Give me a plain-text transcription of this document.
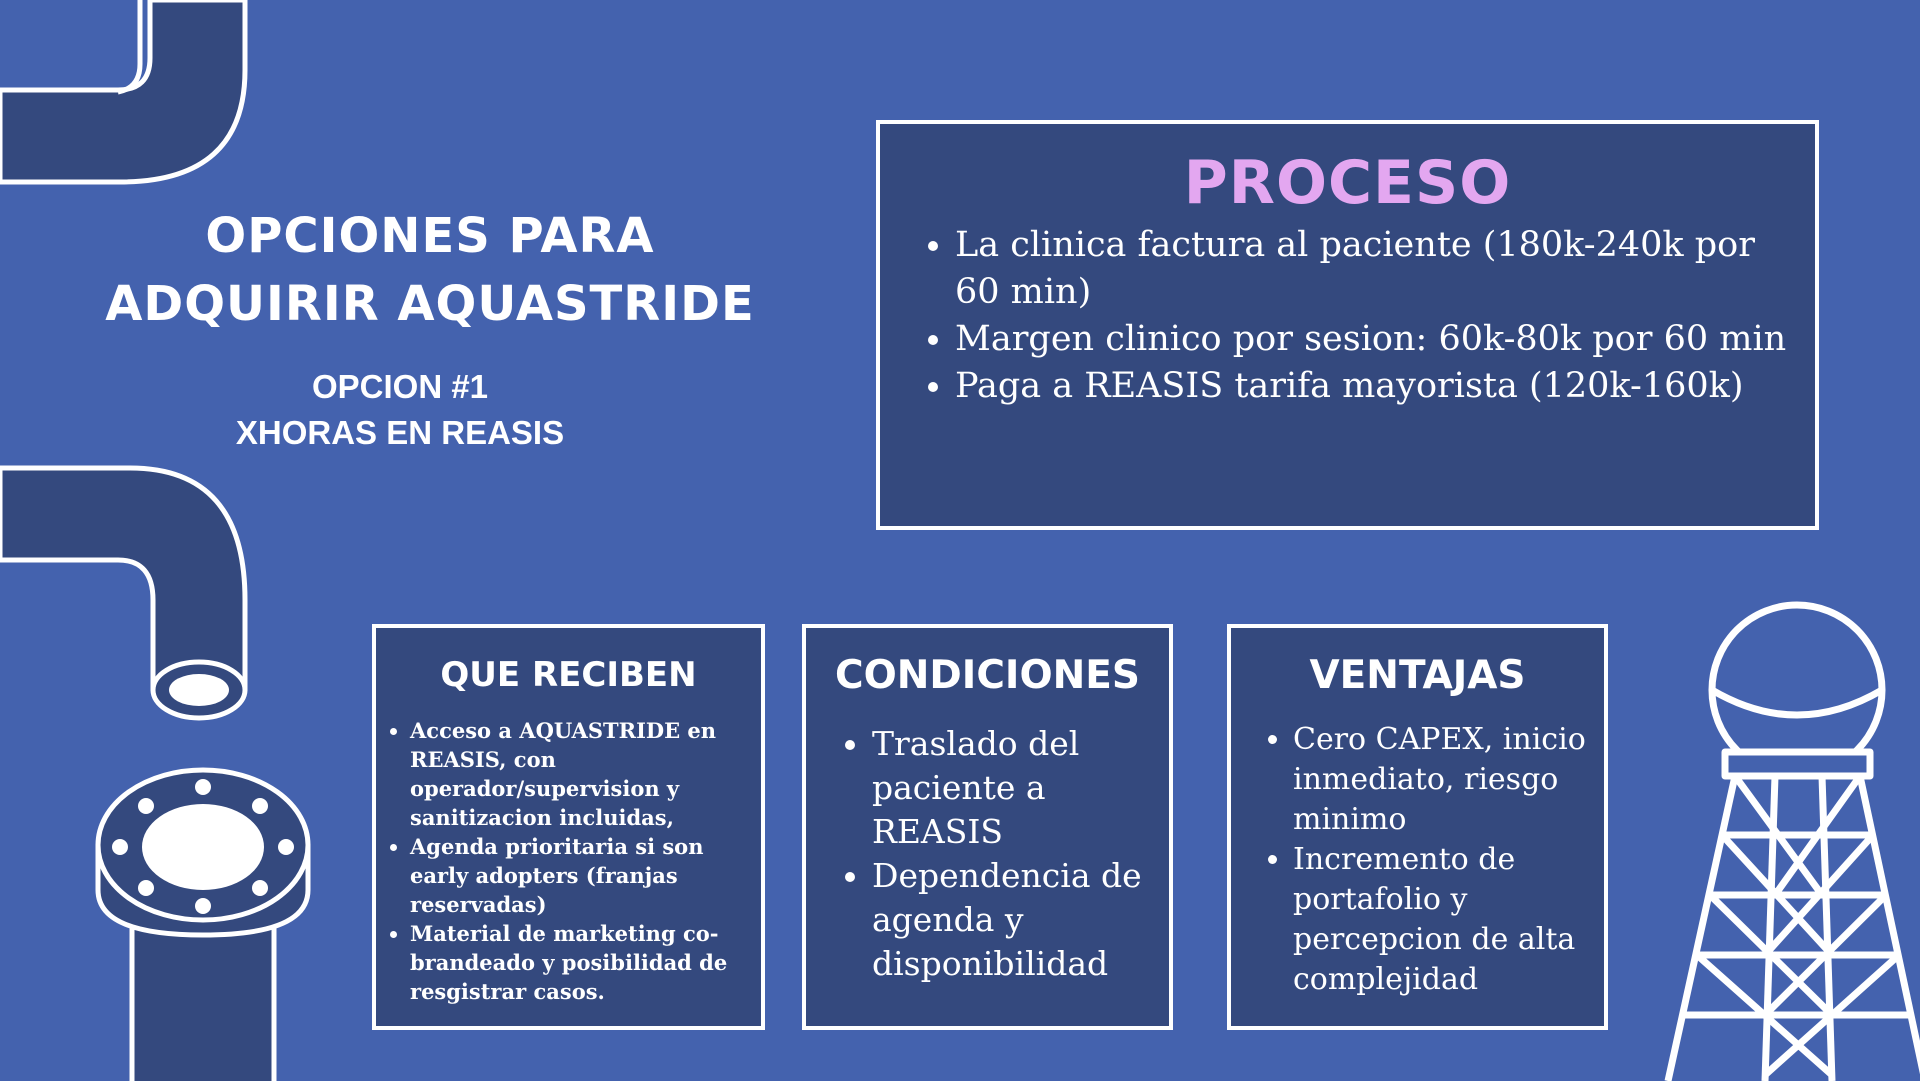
OPCIONES PARA
ADQUIRIR AQUASTRIDE
OPCION #1
XHORAS EN REASIS
PROCESO
• La clinica factura al paciente (180k-240k por 60 min)
• Margen clinico por sesion: 60k-80k por 60 min
• Paga a REASIS tarifa mayorista (120k-160k)
QUE RECIBEN
• Acceso a AQUASTRIDE en REASIS, con operador/supervision y sanitizacion incluidas,
• Agenda prioritaria si son early adopters (franjas reservadas)
• Material de marketing co-brandeado y posibilidad de resgistrar casos.
CONDICIONES
• Traslado del paciente a REASIS
• Dependencia de agenda y disponibilidad
VENTAJAS
• Cero CAPEX, inicio inmediato, riesgo minimo
• Incremento de portafolio y percepcion de alta complejidad
